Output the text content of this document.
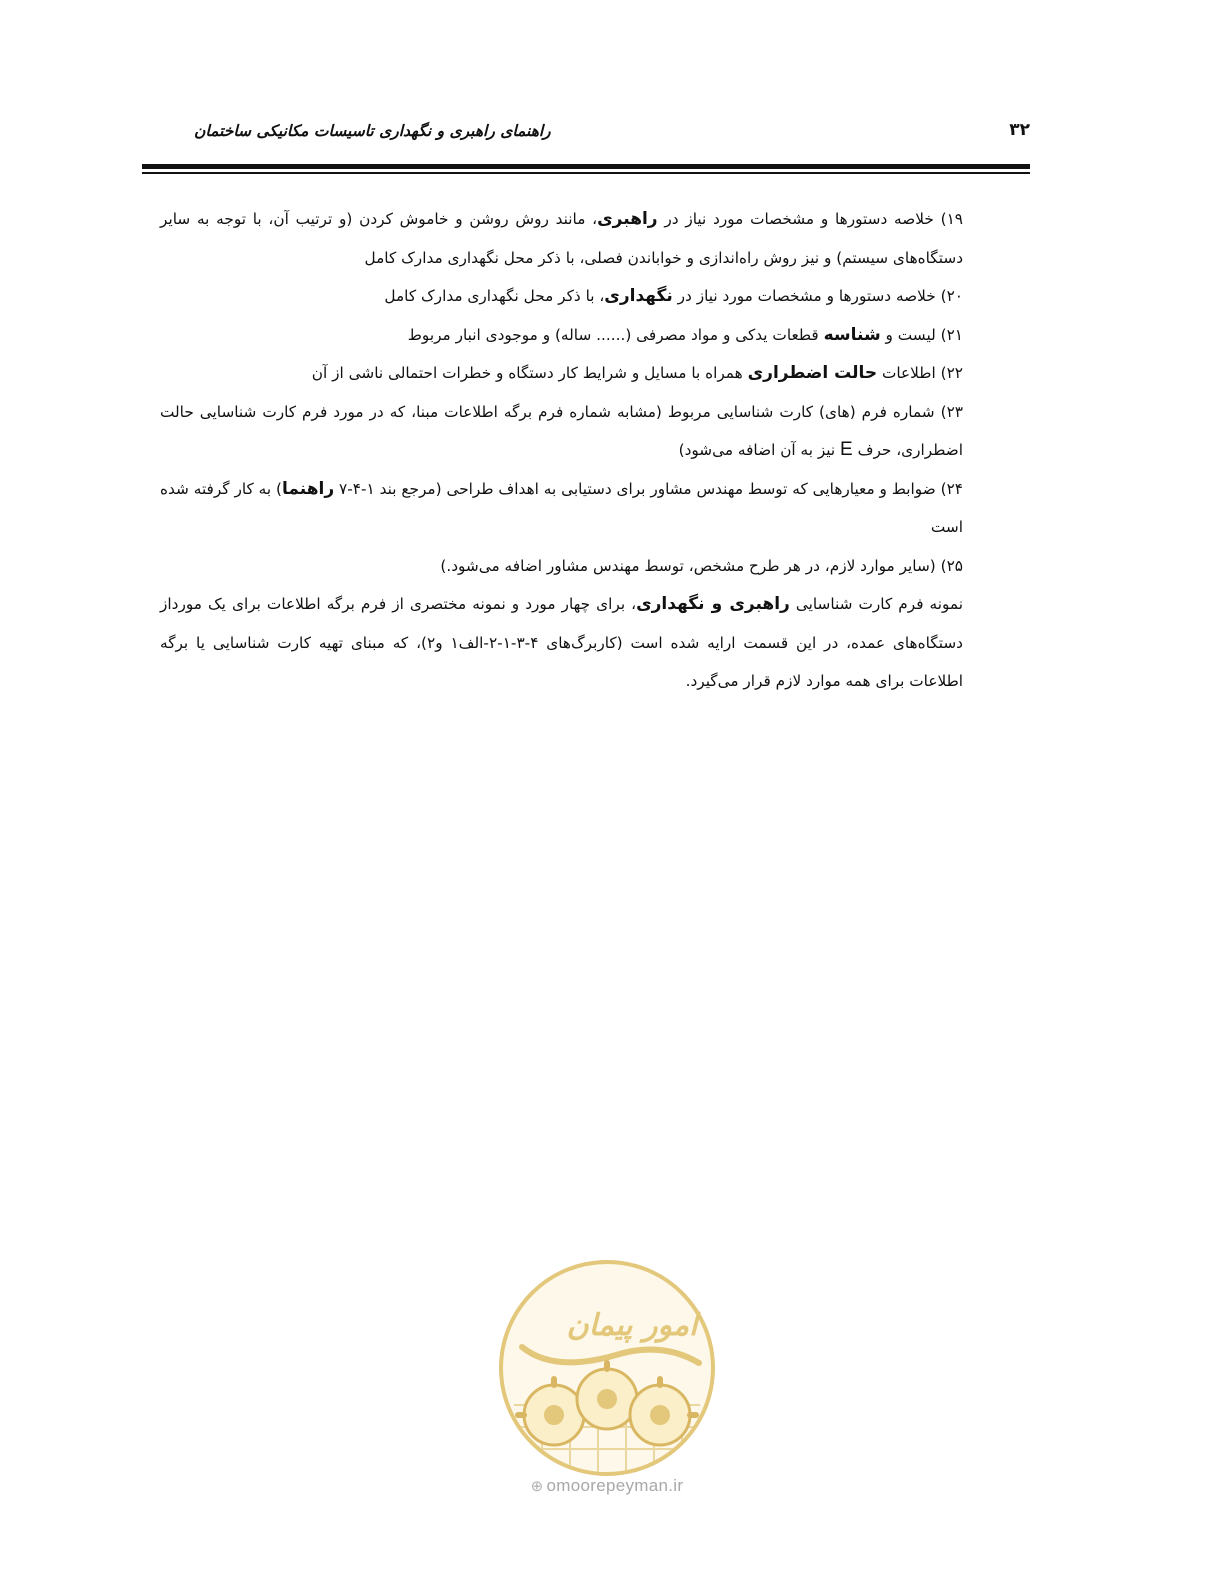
۳۲
راهنمای راهبری و نگهداری تاسیسات مکانیکی ساختمان

۱۹) خلاصه دستورها و مشخصات مورد نیاز در راهبری، مانند روش روشن و خاموش کردن (و ترتیب آن، با توجه به سایر دستگاه‌های سیستم) و نیز روش راه‌اندازی و خواباندن فصلی، با ذکر محل نگهداری مدارک کامل

۲۰) خلاصه دستورها و مشخصات مورد نیاز در نگهداری، با ذکر محل نگهداری مدارک کامل

۲۱) لیست و شناسه قطعات یدکی و مواد مصرفی (...... ساله) و موجودی انبار مربوط

۲۲) اطلاعات حالت اضطراری همراه با مسایل و شرایط کار دستگاه و خطرات احتمالی ناشی از آن

۲۳) شماره فرم (های) کارت شناسایی مربوط (مشابه شماره فرم برگه اطلاعات مبنا، که در مورد فرم کارت شناسایی حالت اضطراری، حرف E نیز به آن اضافه می‌شود)

۲۴) ضوابط و معیارهایی که توسط مهندس مشاور برای دستیابی به اهداف طراحی (مرجع بند ۱-۴-۷ راهنما) به کار گرفته شده است

۲۵) (سایر موارد لازم، در هر طرح مشخص، توسط مهندس مشاور اضافه می‌شود.)

نمونه فرم کارت شناسایی راهبری و نگهداری، برای چهار مورد و نمونه مختصری از فرم برگه اطلاعات برای یک مورداز دستگاه‌های عمده، در این قسمت ارایه شده است (کاربرگ‌های ۴-۳-۱-۲-الف۱ و۲)، که مبنای تهیه کارت شناسایی یا برگه اطلاعات برای همه موارد لازم قرار می‌گیرد.

امور پیمان
⊕ omoorepeyman.ir
